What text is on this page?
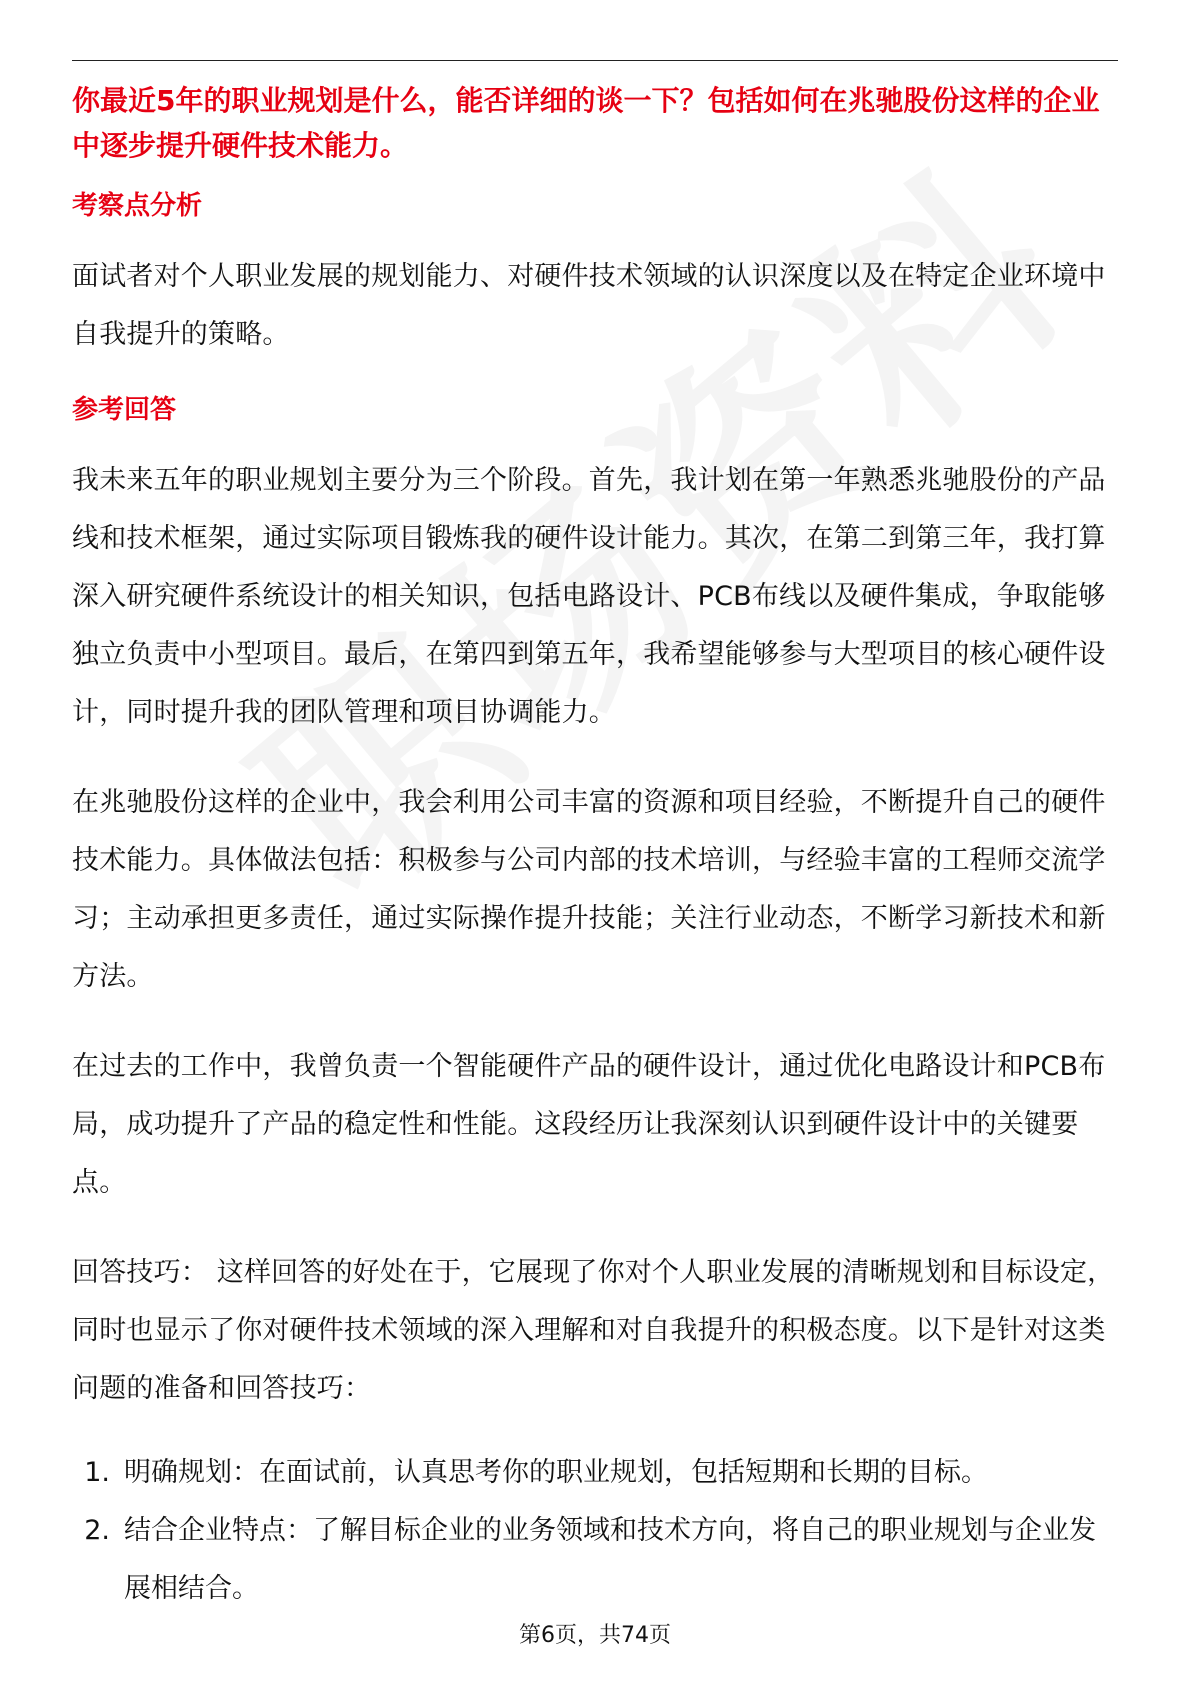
你最近5年的职业规划是什么，能否详细的谈一下？包括如何在兆驰股份这样的企业中逐步提升硬件技术能力。

考察点分析

面试者对个人职业发展的规划能力、对硬件技术领域的认识深度以及在特定企业环境中自我提升的策略。

参考回答

我未来五年的职业规划主要分为三个阶段。首先，我计划在第一年熟悉兆驰股份的产品线和技术框架，通过实际项目锻炼我的硬件设计能力。其次，在第二到第三年，我打算深入研究硬件系统设计的相关知识，包括电路设计、PCB布线以及硬件集成，争取能够独立负责中小型项目。最后，在第四到第五年，我希望能够参与大型项目的核心硬件设计，同时提升我的团队管理和项目协调能力。

在兆驰股份这样的企业中，我会利用公司丰富的资源和项目经验，不断提升自己的硬件技术能力。具体做法包括：积极参与公司内部的技术培训，与经验丰富的工程师交流学习；主动承担更多责任，通过实际操作提升技能；关注行业动态，不断学习新技术和新方法。

在过去的工作中，我曾负责一个智能硬件产品的硬件设计，通过优化电路设计和PCB布局，成功提升了产品的稳定性和性能。这段经历让我深刻认识到硬件设计中的关键要点。

回答技巧： 这样回答的好处在于，它展现了你对个人职业发展的清晰规划和目标设定，同时也显示了你对硬件技术领域的深入理解和对自我提升的积极态度。以下是针对这类问题的准备和回答技巧：

1. 明确规划：在面试前，认真思考你的职业规划，包括短期和长期的目标。
2. 结合企业特点：了解目标企业的业务领域和技术方向，将自己的职业规划与企业发展相结合。
第6页，共74页
